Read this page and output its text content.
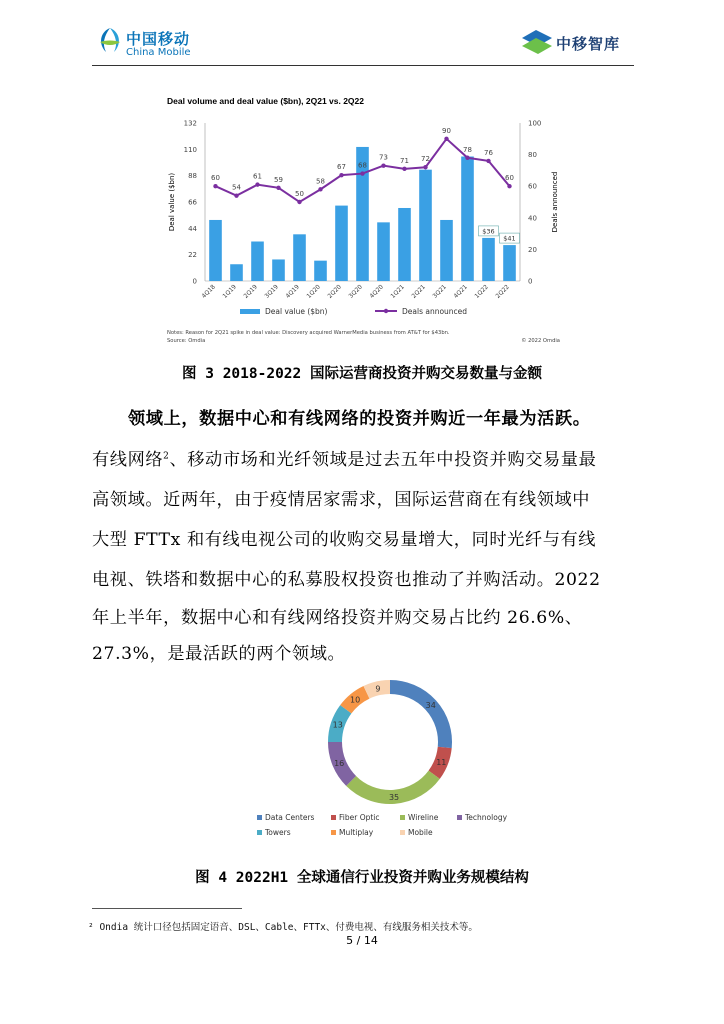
中国移动
China Mobile	中移智库
Deal volume and deal value ($bn), 2Q21 vs. 2Q22
0
22
44
66
88
110
132
0
20
40
60
80
100
Deal value ($bn)	Deals announced
4Q18 1Q19 2Q19 3Q19 4Q19 1Q20 2Q20 3Q20 4Q20 1Q21 2Q21 3Q21 4Q21 1Q22 2Q22
$36
$41
60
54
61 59
50
58
67 68
73 71 72
90
78 76
60
Deal value ($bn)	Deals announced
Notes: Reason for 2Q21 spike in deal value: Discovery acquired WarnerMedia business from AT&T for $43bn.
Source: Omdia	© 2022 Omdia
图 3 2018-2022 国际运营商投资并购交易数量与金额
领域上，数据中心和有线网络的投资并购近一年最为活跃。
有线网络$^2$、移动市场和光纤领域是过去五年中投资并购交易量最
高领域。近两年，由于疫情居家需求，国际运营商在有线领域中
大型 FTTx 和有线电视公司的收购交易量增大，同时光纤与有线
电视、铁塔和数据中心的私募股权投资也推动了并购活动。2022
年上半年，数据中心和有线网络投资并购交易占比约 26.6%、
27.3%，是最活跃的两个领域。
34
11
35
16
13
10
9
Data Centers	Fiber Optic	Wireline	Technology
Towers	Multiplay	Mobile
图 4 2022H1 全球通信行业投资并购业务规模结构
² Ondia 统计口径包括固定语音、DSL、Cable、FTTx、付费电视、有线服务相关技术等。
5 / 14
